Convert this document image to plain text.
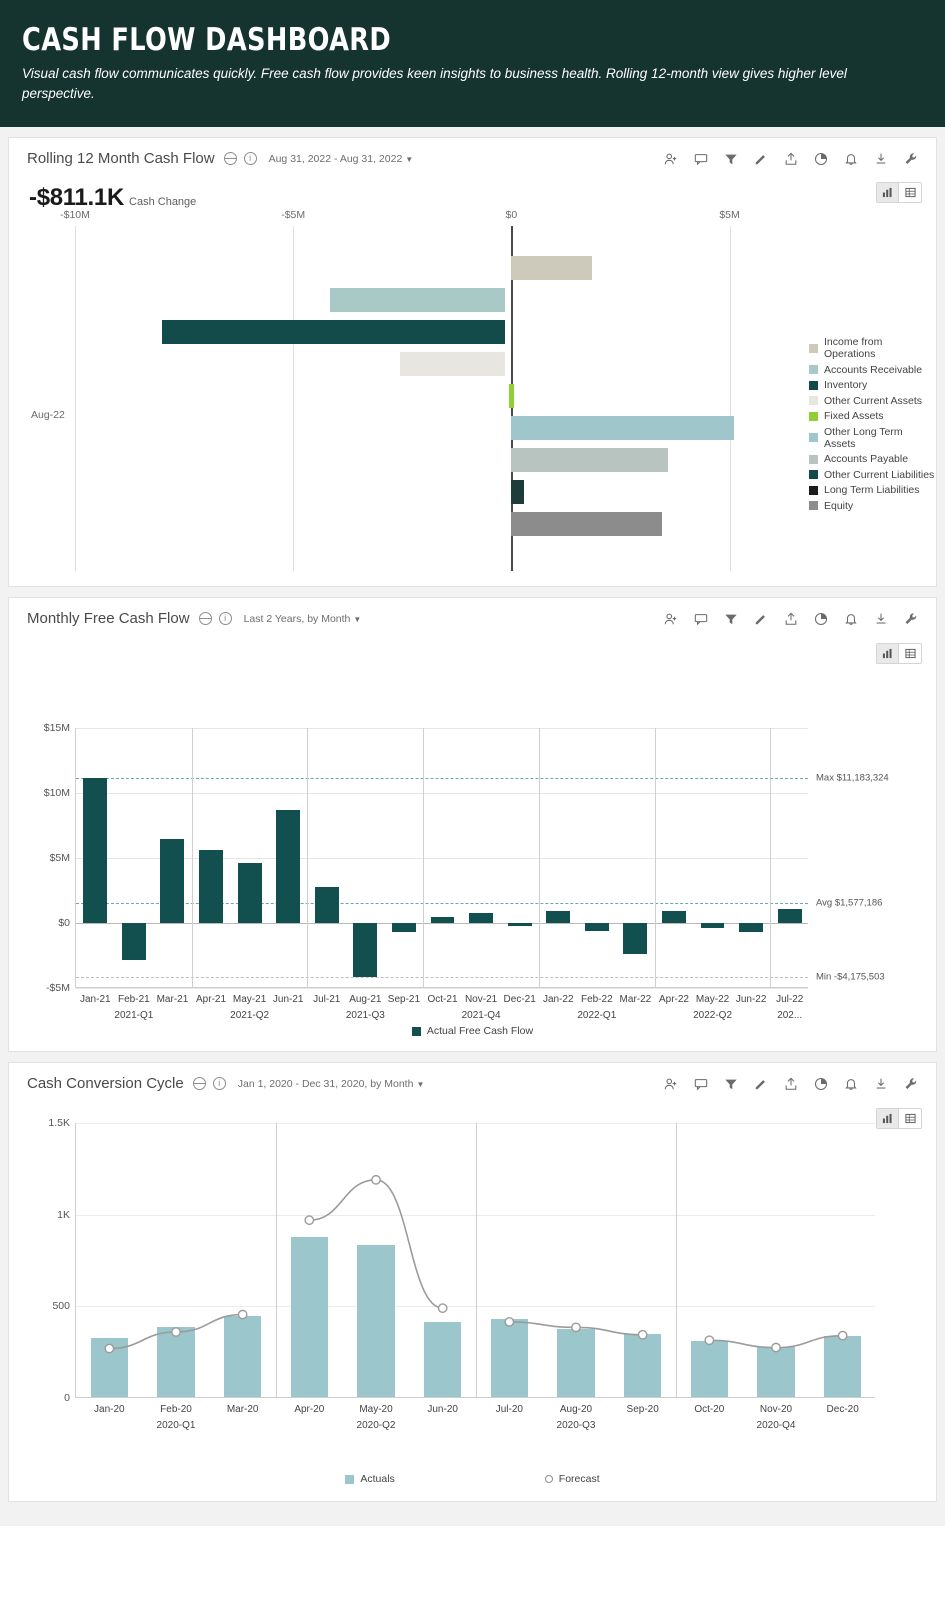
CASH FLOW DASHBOARD

Visual cash flow communicates quickly. Free cash flow provides keen insights to business health. Rolling 12-month view gives higher level perspective.

Rolling 12 Month Cash Flow	i	Aug 31, 2022 - Aug 31, 2022 ▼
-$811.1K Cash Change
Aug-22
-$10M	-$5M	$0	$5M
Income from Operations
Accounts Receivable
Inventory
Other Current Assets
Fixed Assets
Other Long Term Assets
Accounts Payable
Other Current Liabilities
Long Term Liabilities
Equity
Monthly Free Cash Flow	i	Last 2 Years, by Month ▼
$15M
$10M
$5M
$0
-$5M
Max $11,183,324
Avg $1,577,186
Min -$4,175,503
Jan-21 Feb-21 Mar-21 Apr-21 May-21 Jun-21 Jul-21 Aug-21 Sep-21 Oct-21 Nov-21 Dec-21 Jan-22 Feb-22 Mar-22 Apr-22 May-22 Jun-22 Jul-22
2021-Q1	2021-Q2	2021-Q3	2021-Q4	2022-Q1	2022-Q2	202...
Actual Free Cash Flow
Cash Conversion Cycle	i	Jan 1, 2020 - Dec 31, 2020, by Month ▼
1.5K
1K
500
0
Jan-20	Feb-20	Mar-20	Apr-20	May-20	Jun-20	Jul-20	Aug-20	Sep-20	Oct-20	Nov-20	Dec-20
2020-Q1	2020-Q2	2020-Q3	2020-Q4
Actuals	Forecast
